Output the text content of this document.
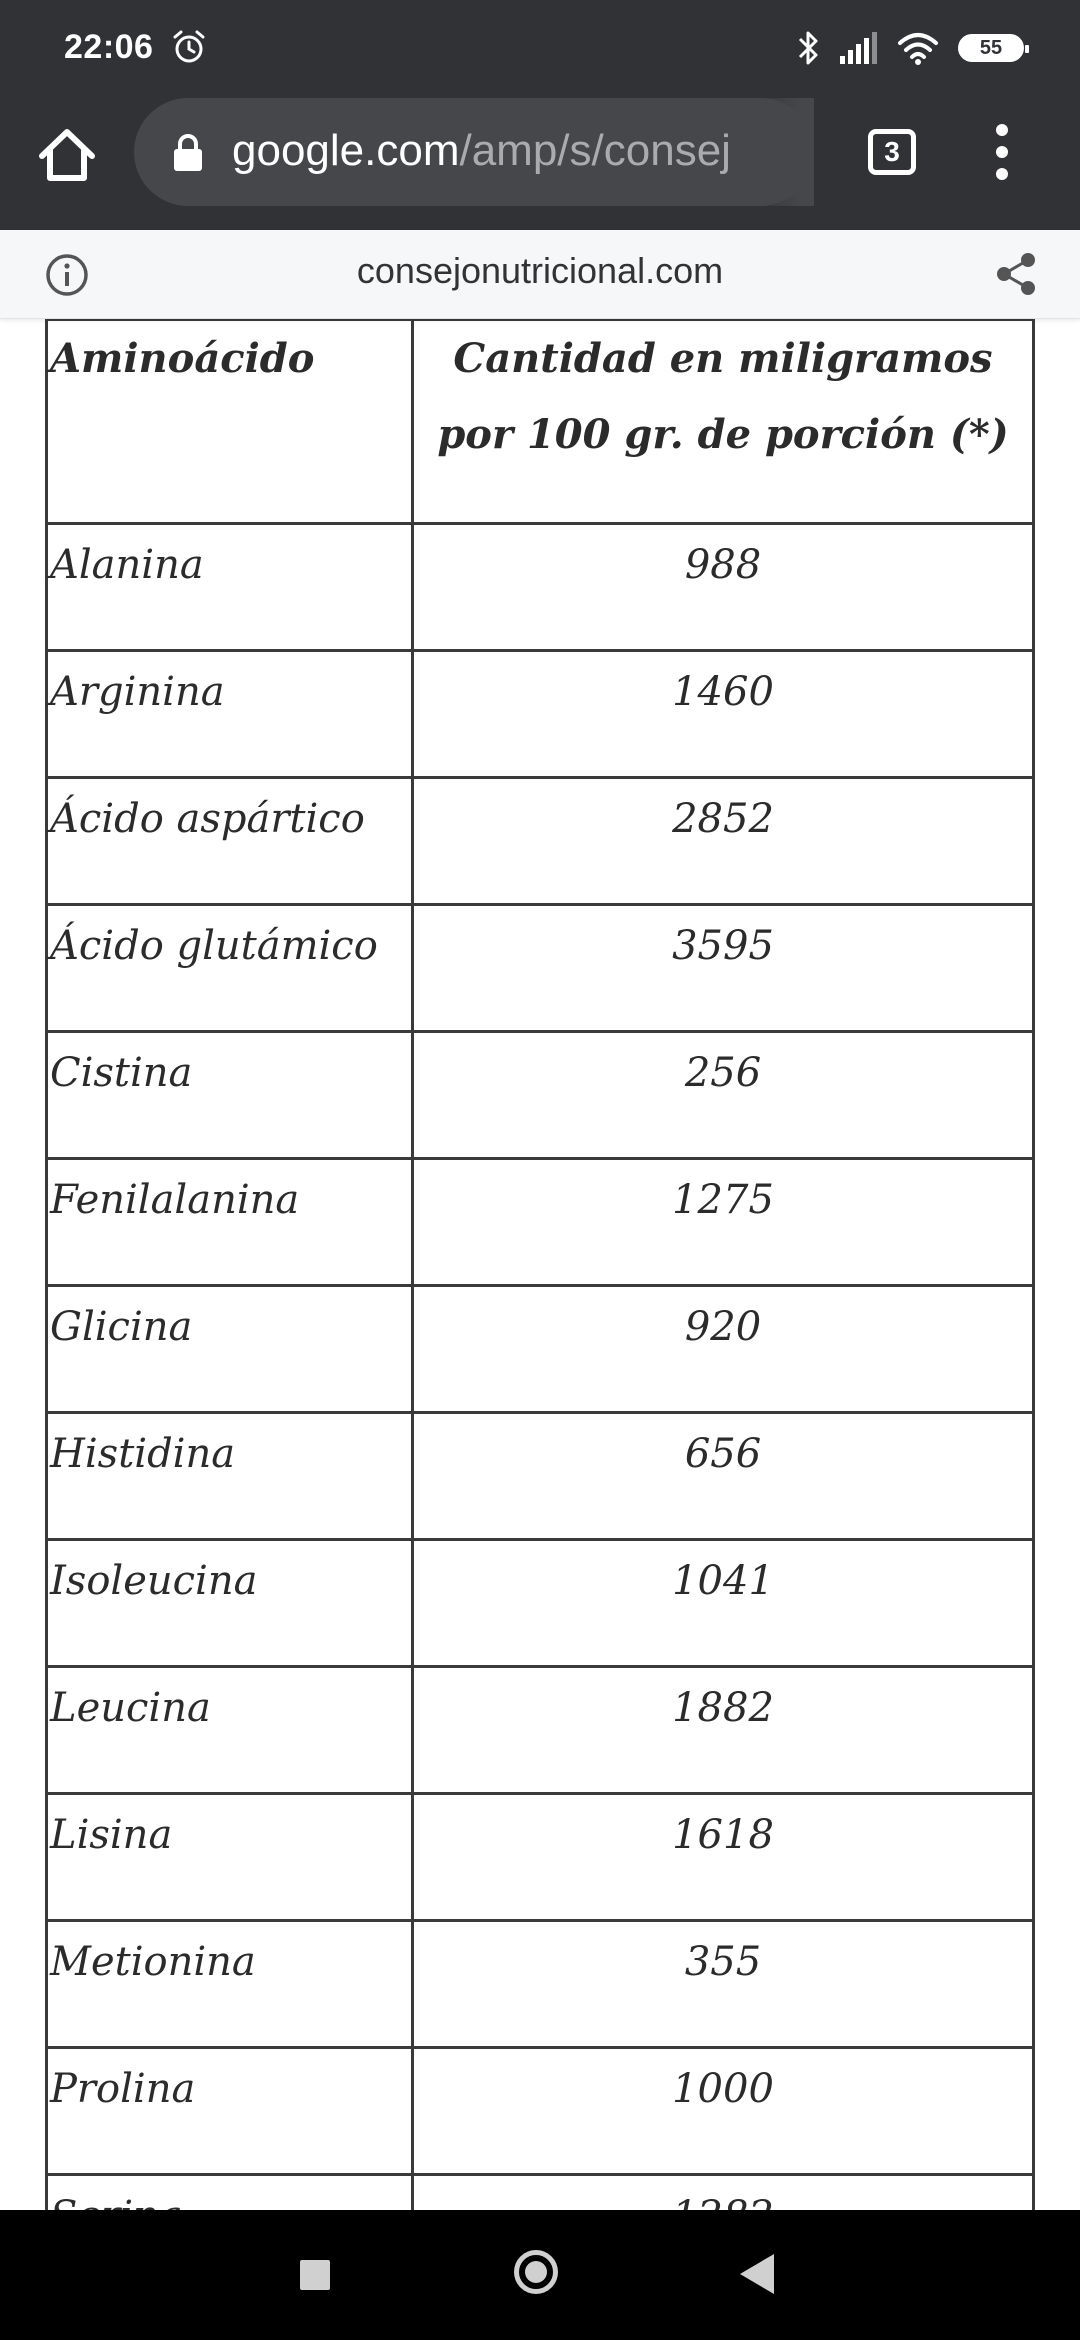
22:06	55
google.com/amp/s/consej	3
consejonutricional.com
Aminoácido	Cantidad en miligramos por 100 gr. de porción (*)
Alanina	988
Arginina	1460
Ácido aspártico	2852
Ácido glutámico	3595
Cistina	256
Fenilalanina	1275
Glicina	920
Histidina	656
Isoleucina	1041
Leucina	1882
Lisina	1618
Metionina	355
Prolina	1000
